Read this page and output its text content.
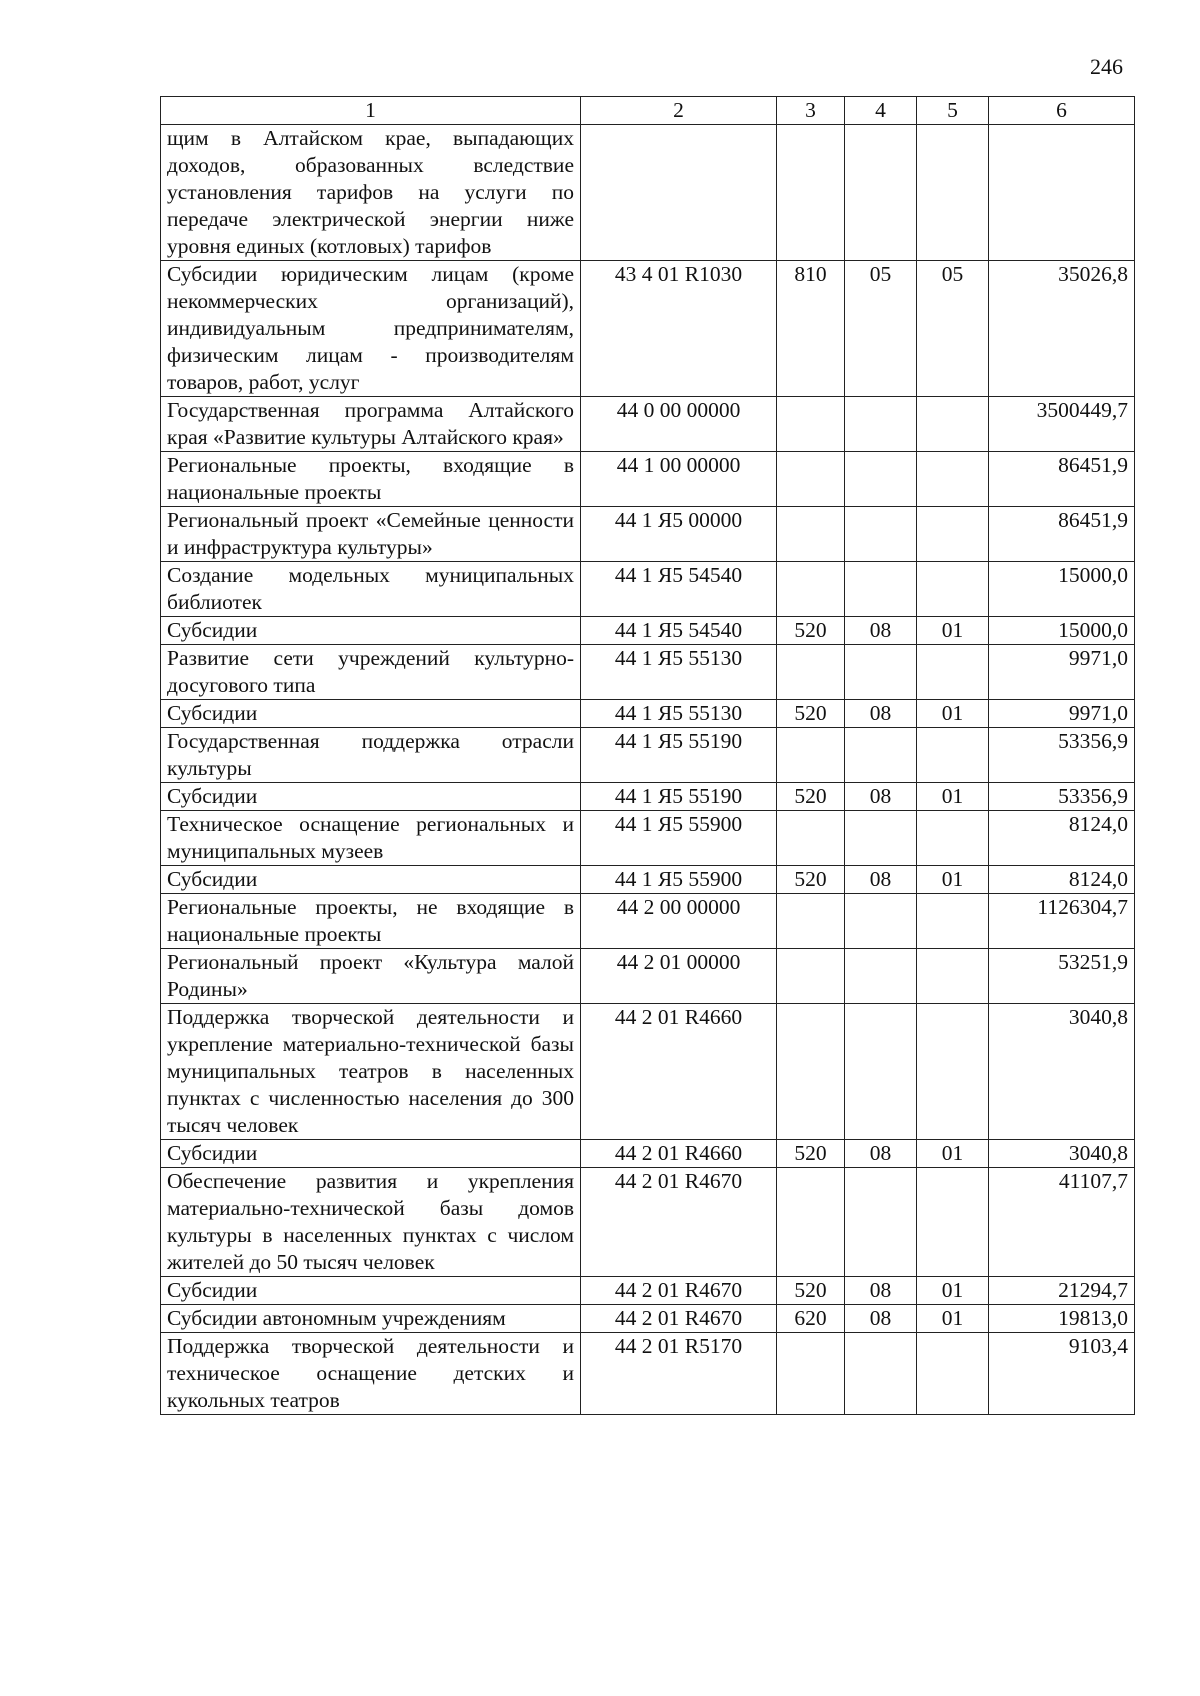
246
1	2	3	4	5	6
щим в Алтайском крае, выпадающих доходов, образованных вследствие установления тарифов на услуги по передаче электрической энергии ниже уровня единых (котловых) тарифов					
Субсидии юридическим лицам (кроме некоммерческих организаций), индивидуальным предпринимателям, физическим лицам - производителям товаров, работ, услуг	43 4 01 R1030	810	05	05	35026,8
Государственная программа Алтайского края «Развитие культуры Алтайского края»	44 0 00 00000				3500449,7
Региональные проекты, входящие в национальные проекты	44 1 00 00000				86451,9
Региональный проект «Семейные ценности и инфраструктура культуры»	44 1 Я5 00000				86451,9
Создание модельных муниципальных библиотек	44 1 Я5 54540				15000,0
Субсидии	44 1 Я5 54540	520	08	01	15000,0
Развитие сети учреждений культурно-досугового типа	44 1 Я5 55130				9971,0
Субсидии	44 1 Я5 55130	520	08	01	9971,0
Государственная поддержка отрасли культуры	44 1 Я5 55190				53356,9
Субсидии	44 1 Я5 55190	520	08	01	53356,9
Техническое оснащение региональных и муниципальных музеев	44 1 Я5 55900				8124,0
Субсидии	44 1 Я5 55900	520	08	01	8124,0
Региональные проекты, не входящие в национальные проекты	44 2 00 00000				1126304,7
Региональный проект «Культура малой Родины»	44 2 01 00000				53251,9
Поддержка творческой деятельности и укрепление материально-технической базы муниципальных театров в населенных пунктах с численностью населения до 300 тысяч человек	44 2 01 R4660				3040,8
Субсидии	44 2 01 R4660	520	08	01	3040,8
Обеспечение развития и укрепления материально-технической базы домов культуры в населенных пунктах с числом жителей до 50 тысяч человек	44 2 01 R4670				41107,7
Субсидии	44 2 01 R4670	520	08	01	21294,7
Субсидии автономным учреждениям	44 2 01 R4670	620	08	01	19813,0
Поддержка творческой деятельности и техническое оснащение детских и кукольных театров	44 2 01 R5170				9103,4
